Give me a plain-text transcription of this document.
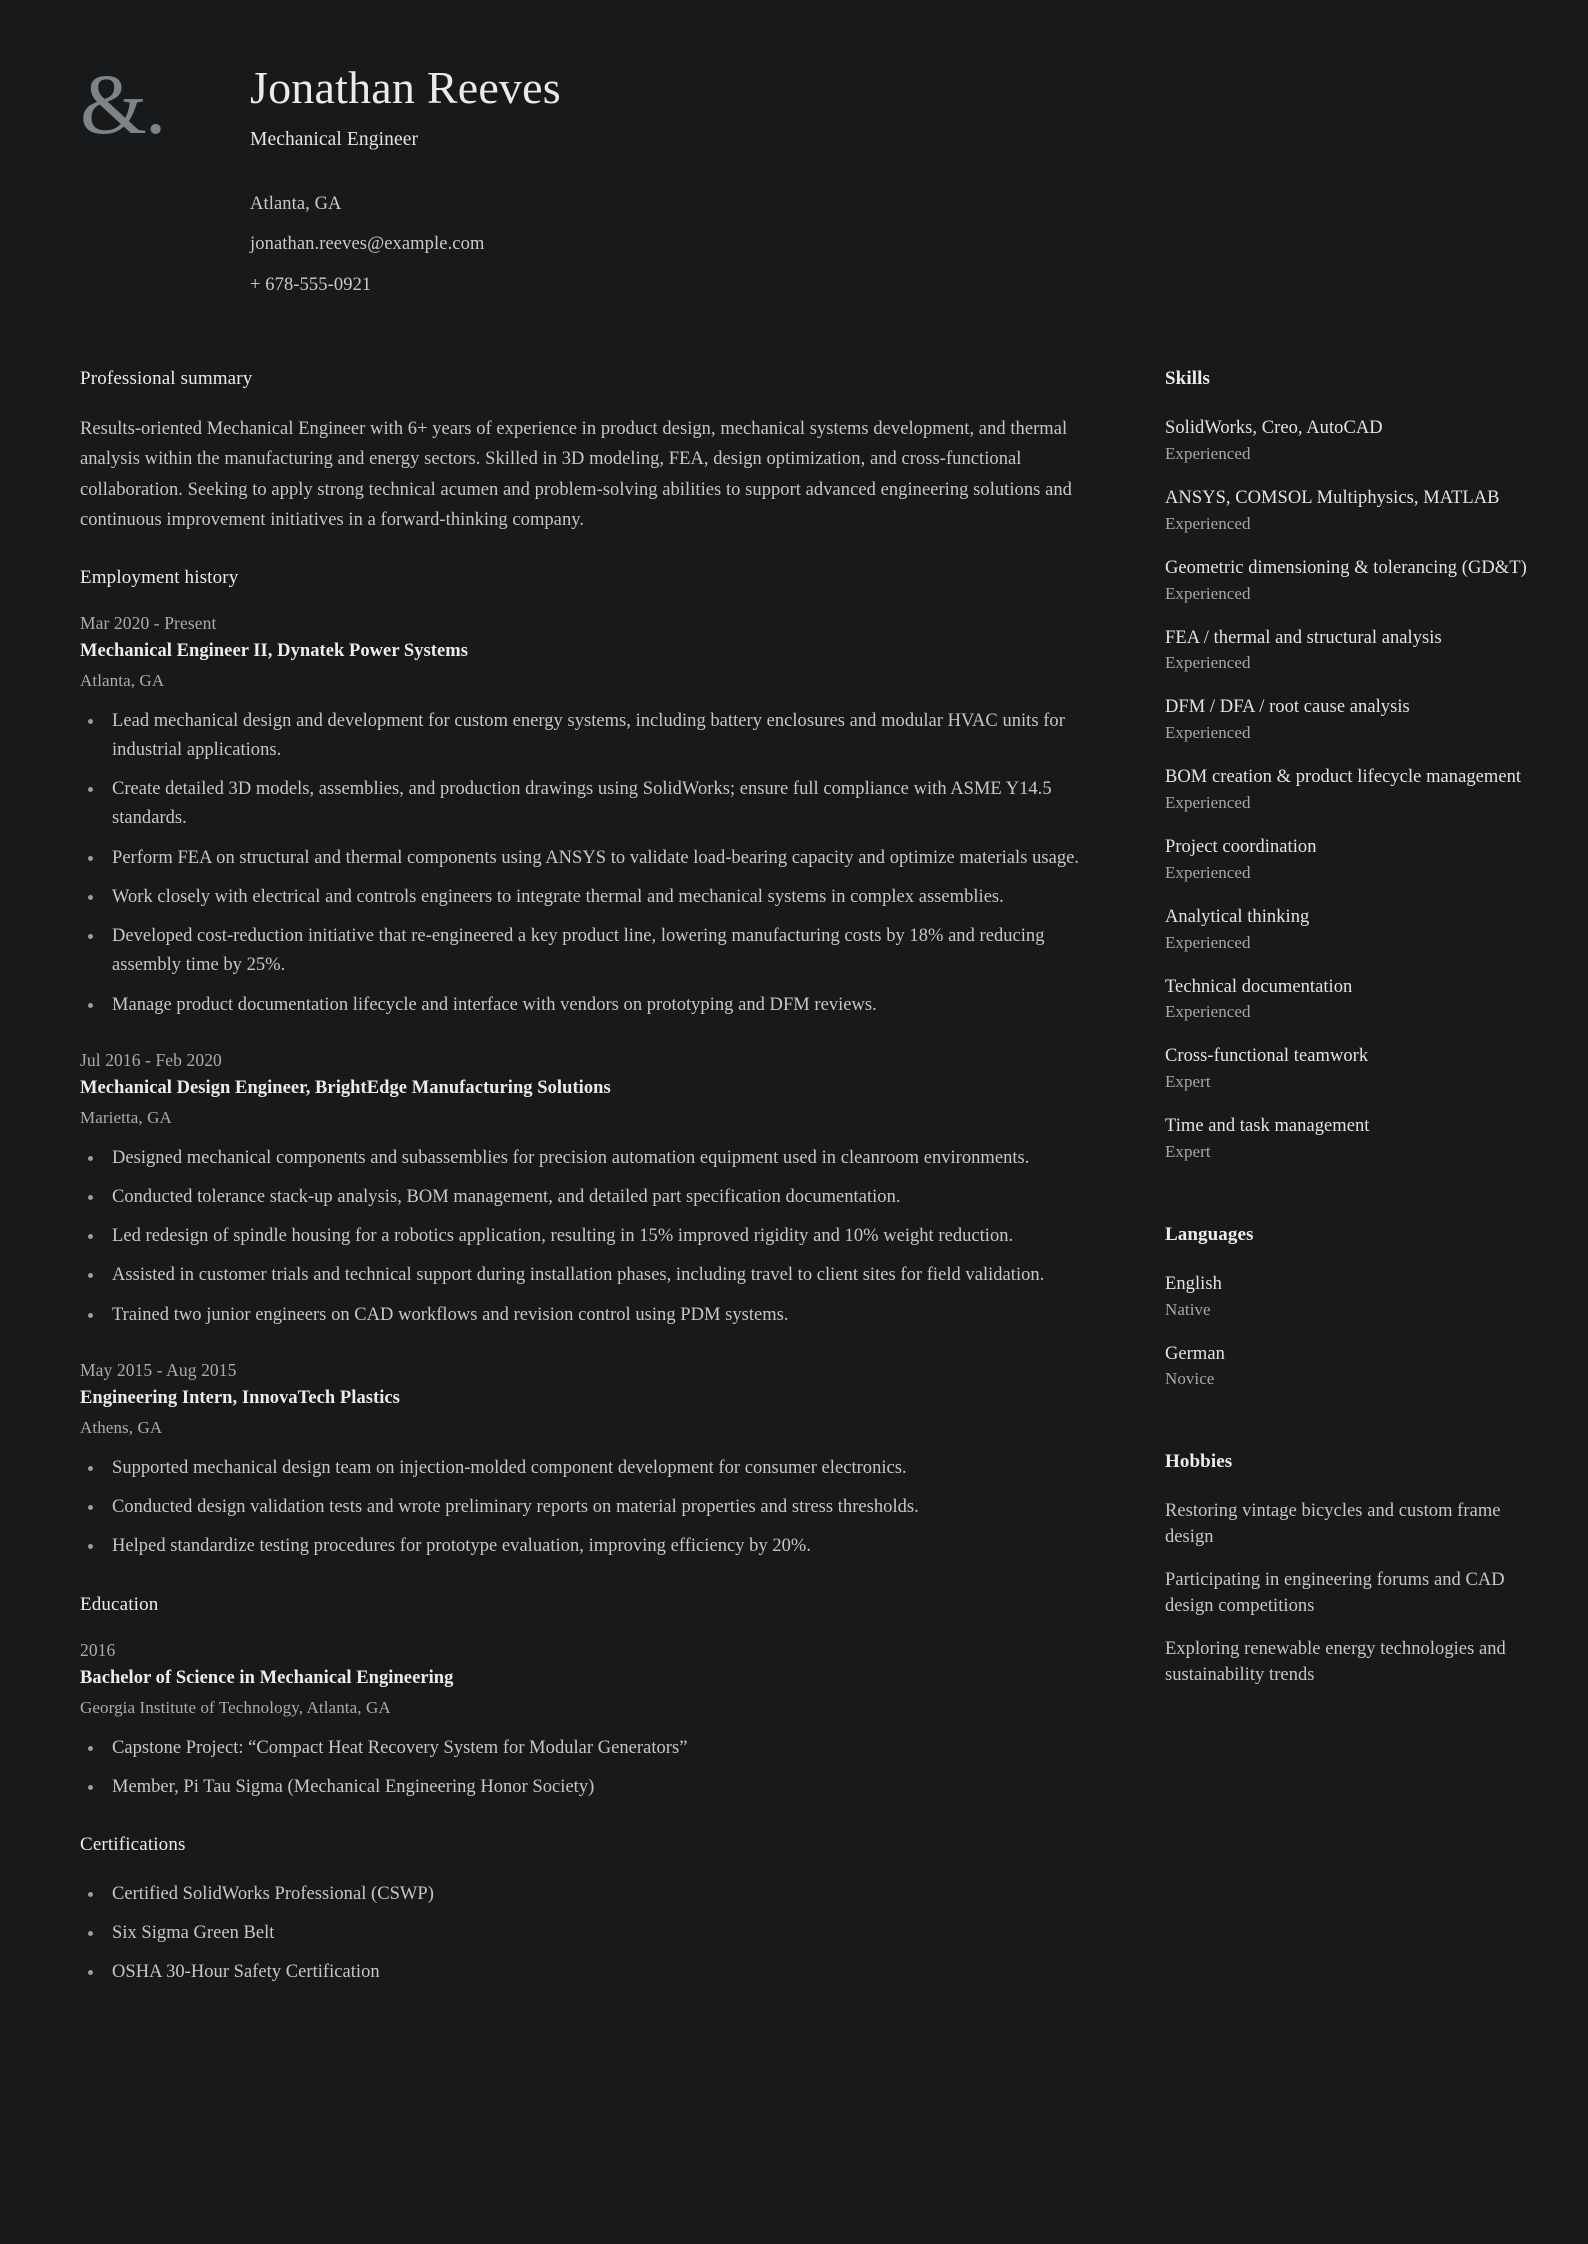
&.	Jonathan Reeves
Mechanical Engineer
Atlanta, GA
jonathan.reeves@example.com
+ 678-555-0921
Professional summary

Results-oriented Mechanical Engineer with 6+ years of experience in product design, mechanical systems development, and thermal analysis within the manufacturing and energy sectors. Skilled in 3D modeling, FEA, design optimization, and cross-functional collaboration. Seeking to apply strong technical acumen and problem-solving abilities to support advanced engineering solutions and continuous improvement initiatives in a forward-thinking company.

Employment history
Mar 2020 - Present
Mechanical Engineer II, Dynatek Power Systems
Atlanta, GA
Lead mechanical design and development for custom energy systems, including battery enclosures and modular HVAC units for industrial applications.
Create detailed 3D models, assemblies, and production drawings using SolidWorks; ensure full compliance with ASME Y14.5 standards.
Perform FEA on structural and thermal components using ANSYS to validate load-bearing capacity and optimize materials usage.
Work closely with electrical and controls engineers to integrate thermal and mechanical systems in complex assemblies.
Developed cost-reduction initiative that re-engineered a key product line, lowering manufacturing costs by 18% and reducing assembly time by 25%.
Manage product documentation lifecycle and interface with vendors on prototyping and DFM reviews.
Jul 2016 - Feb 2020
Mechanical Design Engineer, BrightEdge Manufacturing Solutions
Marietta, GA
Designed mechanical components and subassemblies for precision automation equipment used in cleanroom environments.
Conducted tolerance stack-up analysis, BOM management, and detailed part specification documentation.
Led redesign of spindle housing for a robotics application, resulting in 15% improved rigidity and 10% weight reduction.
Assisted in customer trials and technical support during installation phases, including travel to client sites for field validation.
Trained two junior engineers on CAD workflows and revision control using PDM systems.
May 2015 - Aug 2015
Engineering Intern, InnovaTech Plastics
Athens, GA
Supported mechanical design team on injection-molded component development for consumer electronics.
Conducted design validation tests and wrote preliminary reports on material properties and stress thresholds.
Helped standardize testing procedures for prototype evaluation, improving efficiency by 20%.
Education
2016
Bachelor of Science in Mechanical Engineering
Georgia Institute of Technology, Atlanta, GA
Capstone Project: “Compact Heat Recovery System for Modular Generators”
Member, Pi Tau Sigma (Mechanical Engineering Honor Society)
Certifications
Certified SolidWorks Professional (CSWP)
Six Sigma Green Belt
OSHA 30-Hour Safety Certification
Skills
SolidWorks, Creo, AutoCAD
Experienced
ANSYS, COMSOL Multiphysics, MATLAB
Experienced
Geometric dimensioning & tolerancing (GD&T)
Experienced
FEA / thermal and structural analysis
Experienced
DFM / DFA / root cause analysis
Experienced
BOM creation & product lifecycle management
Experienced
Project coordination
Experienced
Analytical thinking
Experienced
Technical documentation
Experienced
Cross-functional teamwork
Expert
Time and task management
Expert
Languages
English
Native
German
Novice
Hobbies
Restoring vintage bicycles and custom frame design
Participating in engineering forums and CAD design competitions
Exploring renewable energy technologies and sustainability trends
